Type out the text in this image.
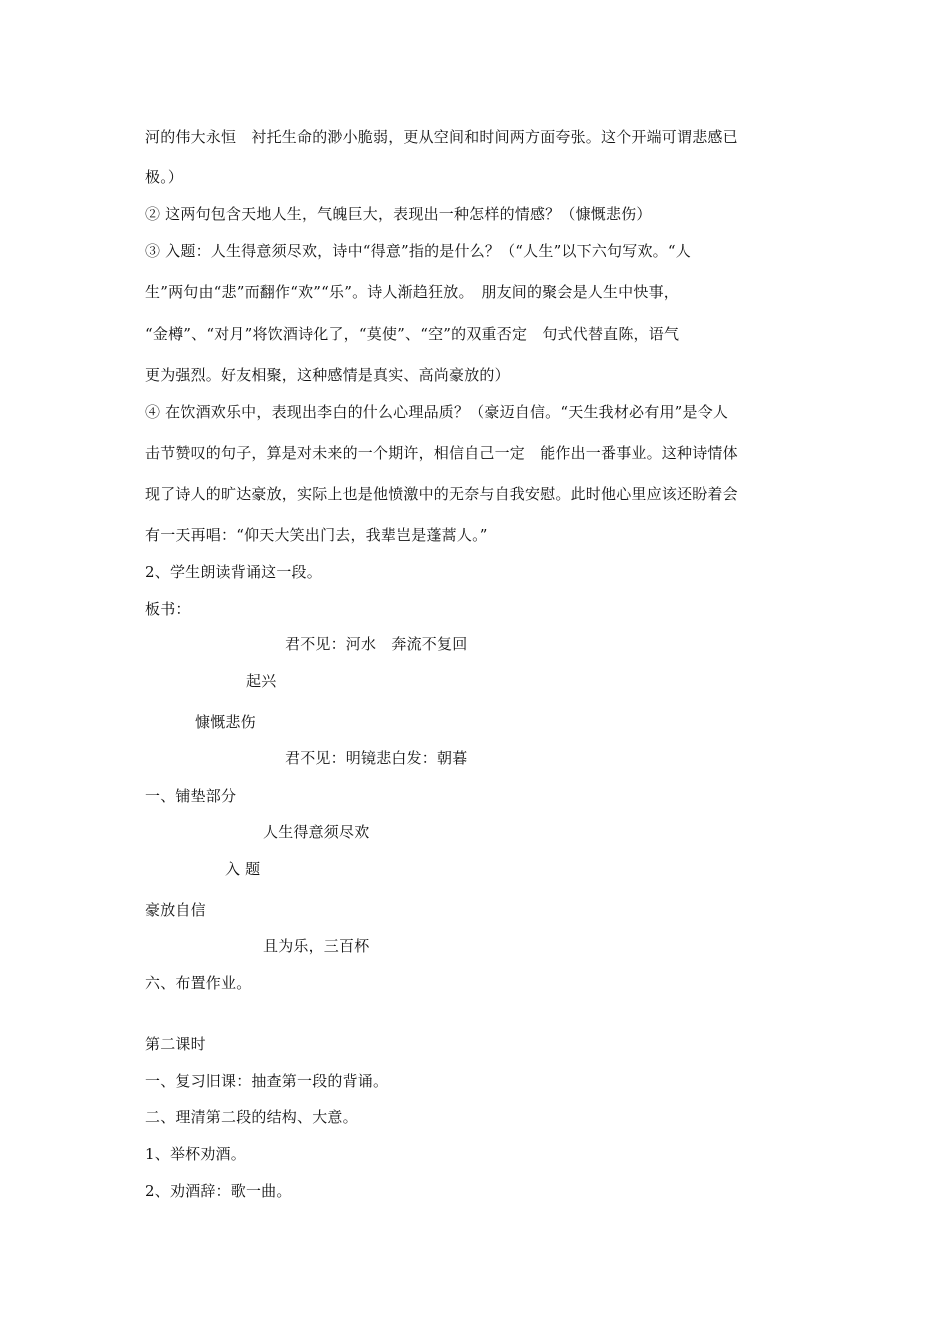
河的伟大永恒　衬托生命的渺小脆弱，更从空间和时间两方面夸张。这个开端可谓悲感已
极。）
② 这两句包含天地人生，气魄巨大，表现出一种怎样的情感？（慷慨悲伤）
③ 入题：人生得意须尽欢，诗中“得意”指的是什么？（“人生”以下六句写欢。“人
生”两句由“悲”而翻作“欢”“乐”。诗人渐趋狂放。　朋友间的聚会是人生中快事，
“金樽”、“对月”将饮酒诗化了，“莫使”、“空”的双重否定　句式代替直陈，语气
更为强烈。好友相聚，这种感情是真实、高尚豪放的）
④ 在饮酒欢乐中，表现出李白的什么心理品质？（豪迈自信。“天生我材必有用”是令人
击节赞叹的句子，算是对未来的一个期许，相信自己一定　能作出一番事业。这种诗情体
现了诗人的旷达豪放，实际上也是他愤激中的无奈与自我安慰。此时他心里应该还盼着会
有一天再唱：“仰天大笑出门去，我辈岂是蓬蒿人。”
2、学生朗读背诵这一段。
板书：
君不见：河水　奔流不复回
起兴
慷慨悲伤
君不见：明镜悲白发：朝暮
一、铺垫部分
人生得意须尽欢
入 题
豪放自信
且为乐，三百杯
六、布置作业。
第二课时
一、复习旧课：抽查第一段的背诵。
二、理清第二段的结构、大意。
1、举杯劝酒。
2、劝酒辞：歌一曲。
